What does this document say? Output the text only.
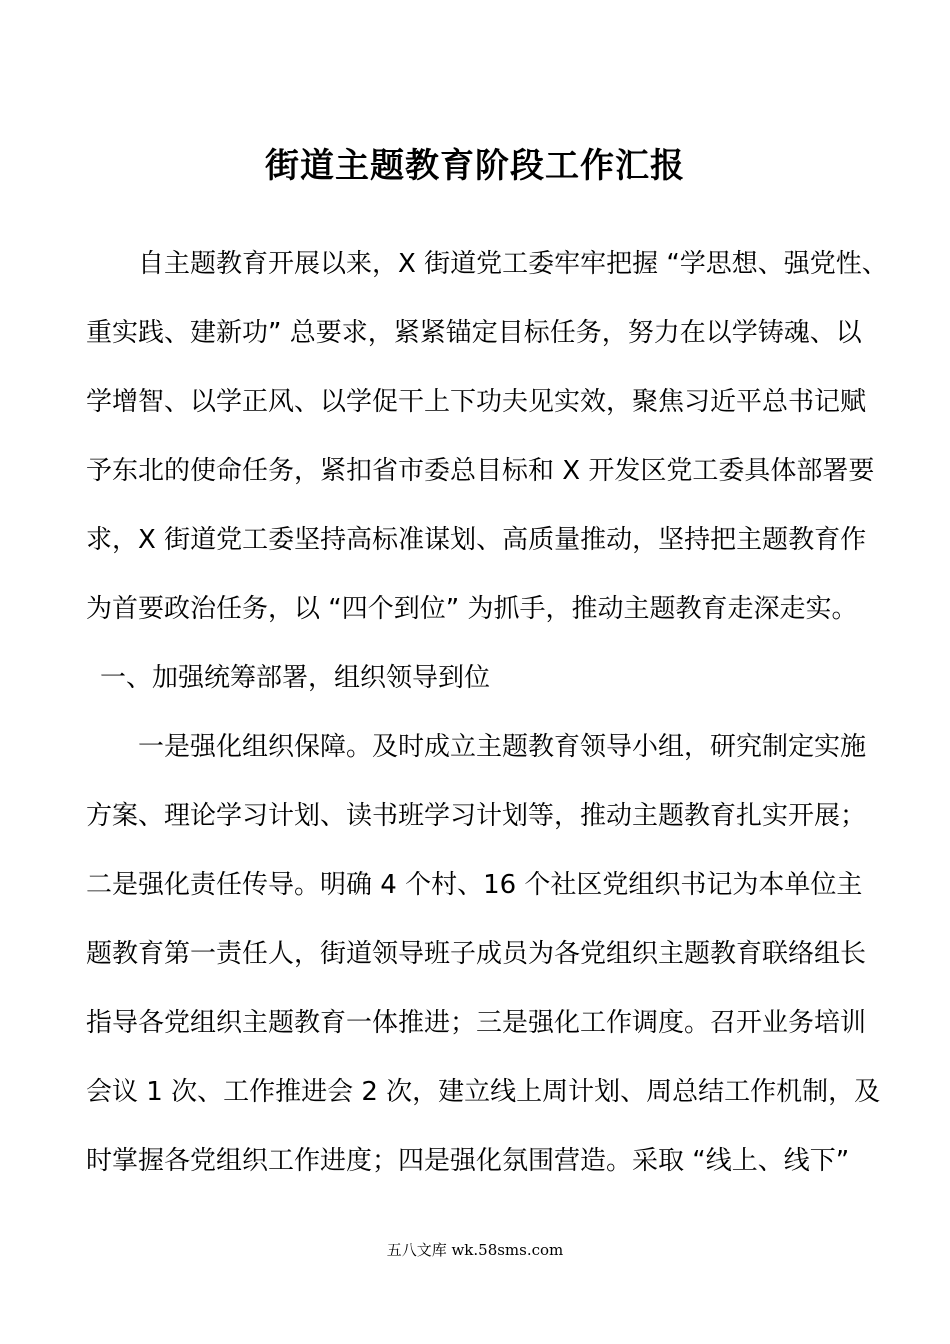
街道主题教育阶段工作汇报
自主题教育开展以来，X 街道党工委牢牢把握 “学思想、强党性、
重实践、建新功” 总要求，紧紧锚定目标任务，努力在以学铸魂、以
学增智、以学正风、以学促干上下功夫见实效，聚焦习近平总书记赋
予东北的使命任务，紧扣省市委总目标和 X 开发区党工委具体部署要
求，X 街道党工委坚持高标准谋划、高质量推动，坚持把主题教育作
为首要政治任务，以 “四个到位” 为抓手，推动主题教育走深走实。
一、加强统筹部署，组织领导到位
一是强化组织保障。及时成立主题教育领导小组，研究制定实施
方案、理论学习计划、读书班学习计划等，推动主题教育扎实开展；
二是强化责任传导。明确 4 个村、16 个社区党组织书记为本单位主
题教育第一责任人，街道领导班子成员为各党组织主题教育联络组长
指导各党组织主题教育一体推进；三是强化工作调度。召开业务培训
会议 1 次、工作推进会 2 次，建立线上周计划、周总结工作机制，及
时掌握各党组织工作进度；四是强化氛围营造。采取 “线上、线下”
五八文库 wk.58sms.com
